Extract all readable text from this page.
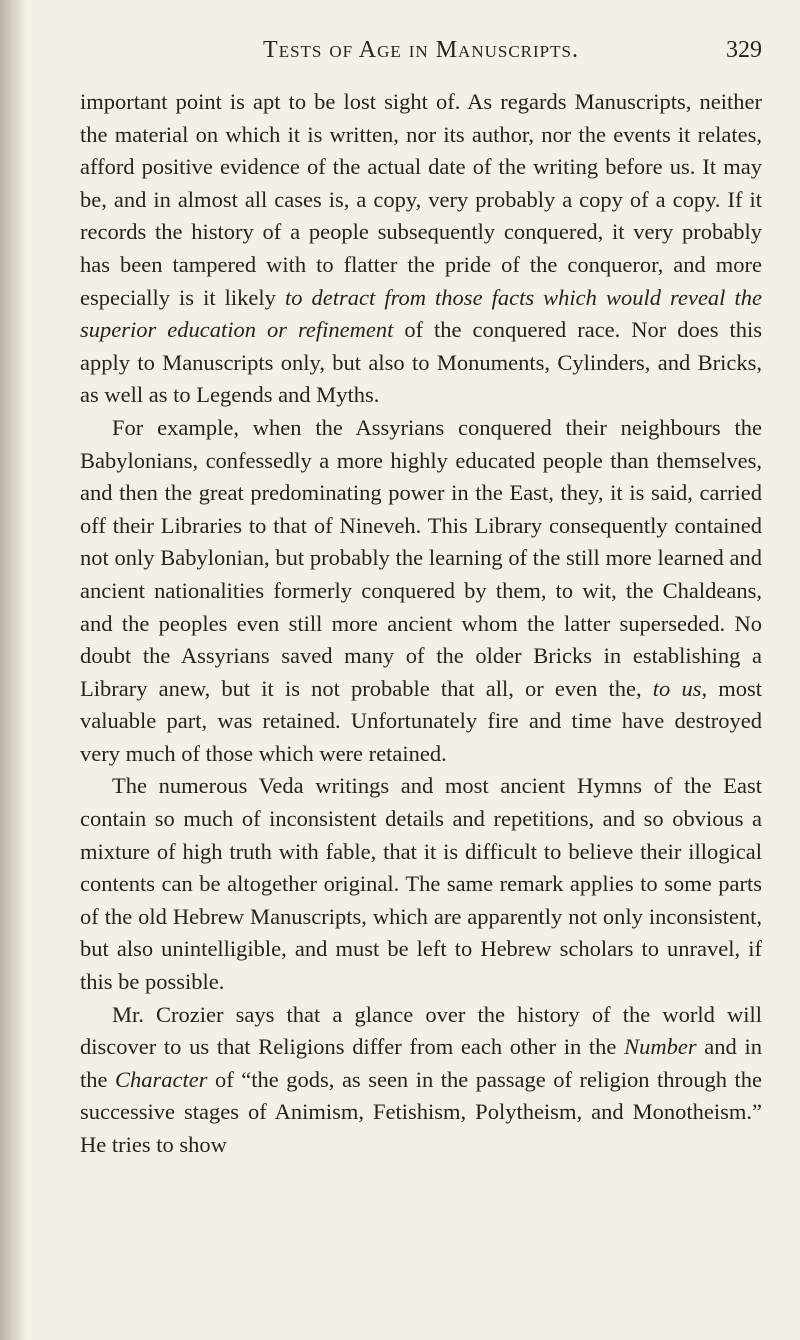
Tests of Age in Manuscripts.	329

important point is apt to be lost sight of. As regards Manuscripts, neither the material on which it is written, nor its author, nor the events it relates, afford positive evidence of the actual date of the writing before us. It may be, and in almost all cases is, a copy, very probably a copy of a copy. If it records the history of a people subsequently conquered, it very probably has been tampered with to flatter the pride of the conqueror, and more especially is it likely to detract from those facts which would reveal the superior education or refinement of the conquered race. Nor does this apply to Manuscripts only, but also to Monuments, Cylinders, and Bricks, as well as to Legends and Myths.

For example, when the Assyrians conquered their neighbours the Babylonians, confessedly a more highly educated people than themselves, and then the great predominating power in the East, they, it is said, carried off their Libraries to that of Nineveh. This Library consequently contained not only Babylonian, but probably the learning of the still more learned and ancient nationalities formerly conquered by them, to wit, the Chaldeans, and the peoples even still more ancient whom the latter superseded. No doubt the Assyrians saved many of the older Bricks in establishing a Library anew, but it is not probable that all, or even the, to us, most valuable part, was retained. Unfortunately fire and time have destroyed very much of those which were retained.

The numerous Veda writings and most ancient Hymns of the East contain so much of inconsistent details and repetitions, and so obvious a mixture of high truth with fable, that it is difficult to believe their illogical contents can be altogether original. The same remark applies to some parts of the old Hebrew Manuscripts, which are apparently not only inconsistent, but also unintelligible, and must be left to Hebrew scholars to unravel, if this be possible.

Mr. Crozier says that a glance over the history of the world will discover to us that Religions differ from each other in the Number and in the Character of “the gods, as seen in the passage of religion through the successive stages of Animism, Fetishism, Polytheism, and Monotheism.” He tries to show
